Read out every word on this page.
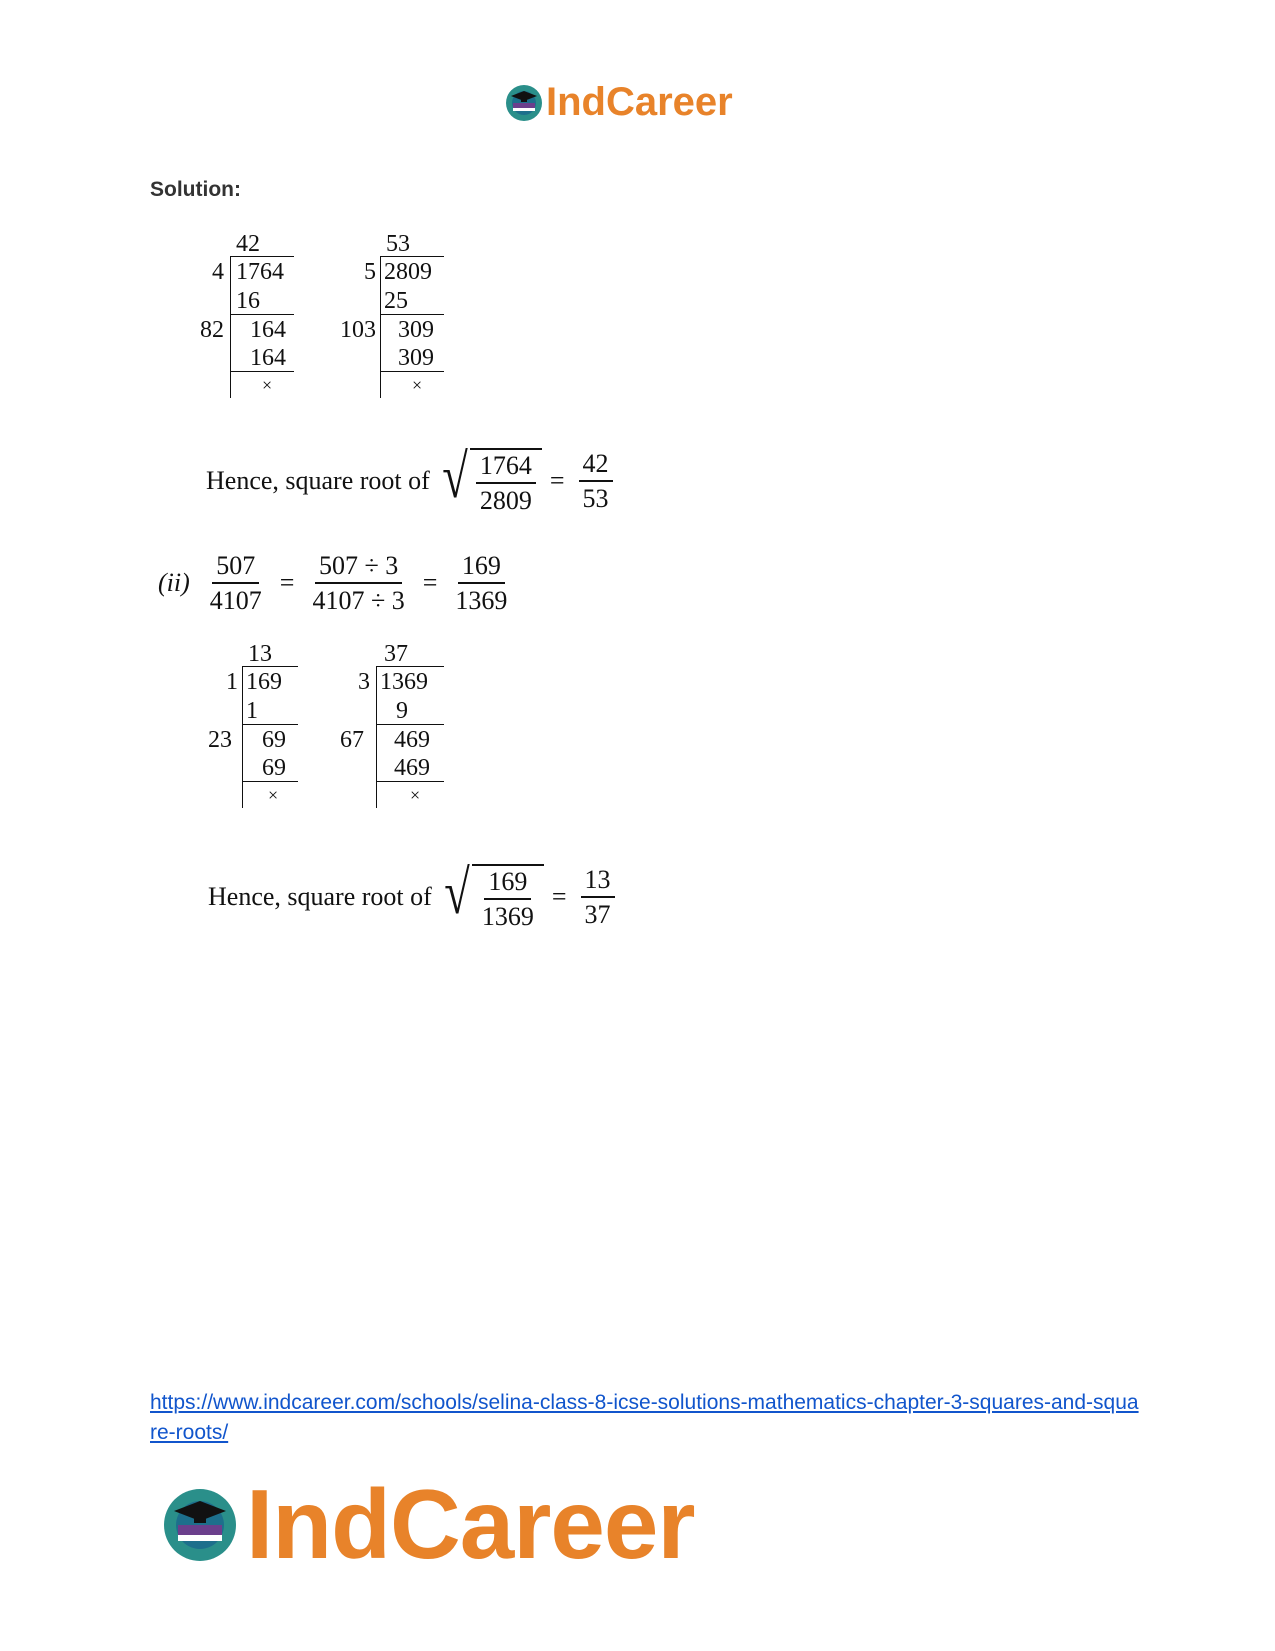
IndCareer
Solution:
42
4 1764
16
82 164
164
×
53
5 2809
25
103 309
309
×
Hence, square root of √ $\frac{1764}{2809} = \frac{42}{53}$
$(ii) \frac{507}{4107} = \frac{507 \div 3}{4107 \div 3} = \frac{169}{1369}$
13
1 169
1
23 69
69
×
37
3 1369
9
67 469
469
×
Hence, square root of √ $\frac{169}{1369} = \frac{13}{37}$
https://www.indcareer.com/schools/selina-class-8-icse-solutions-mathematics-chapter-3-squares-and-square-roots/
IndCareer
